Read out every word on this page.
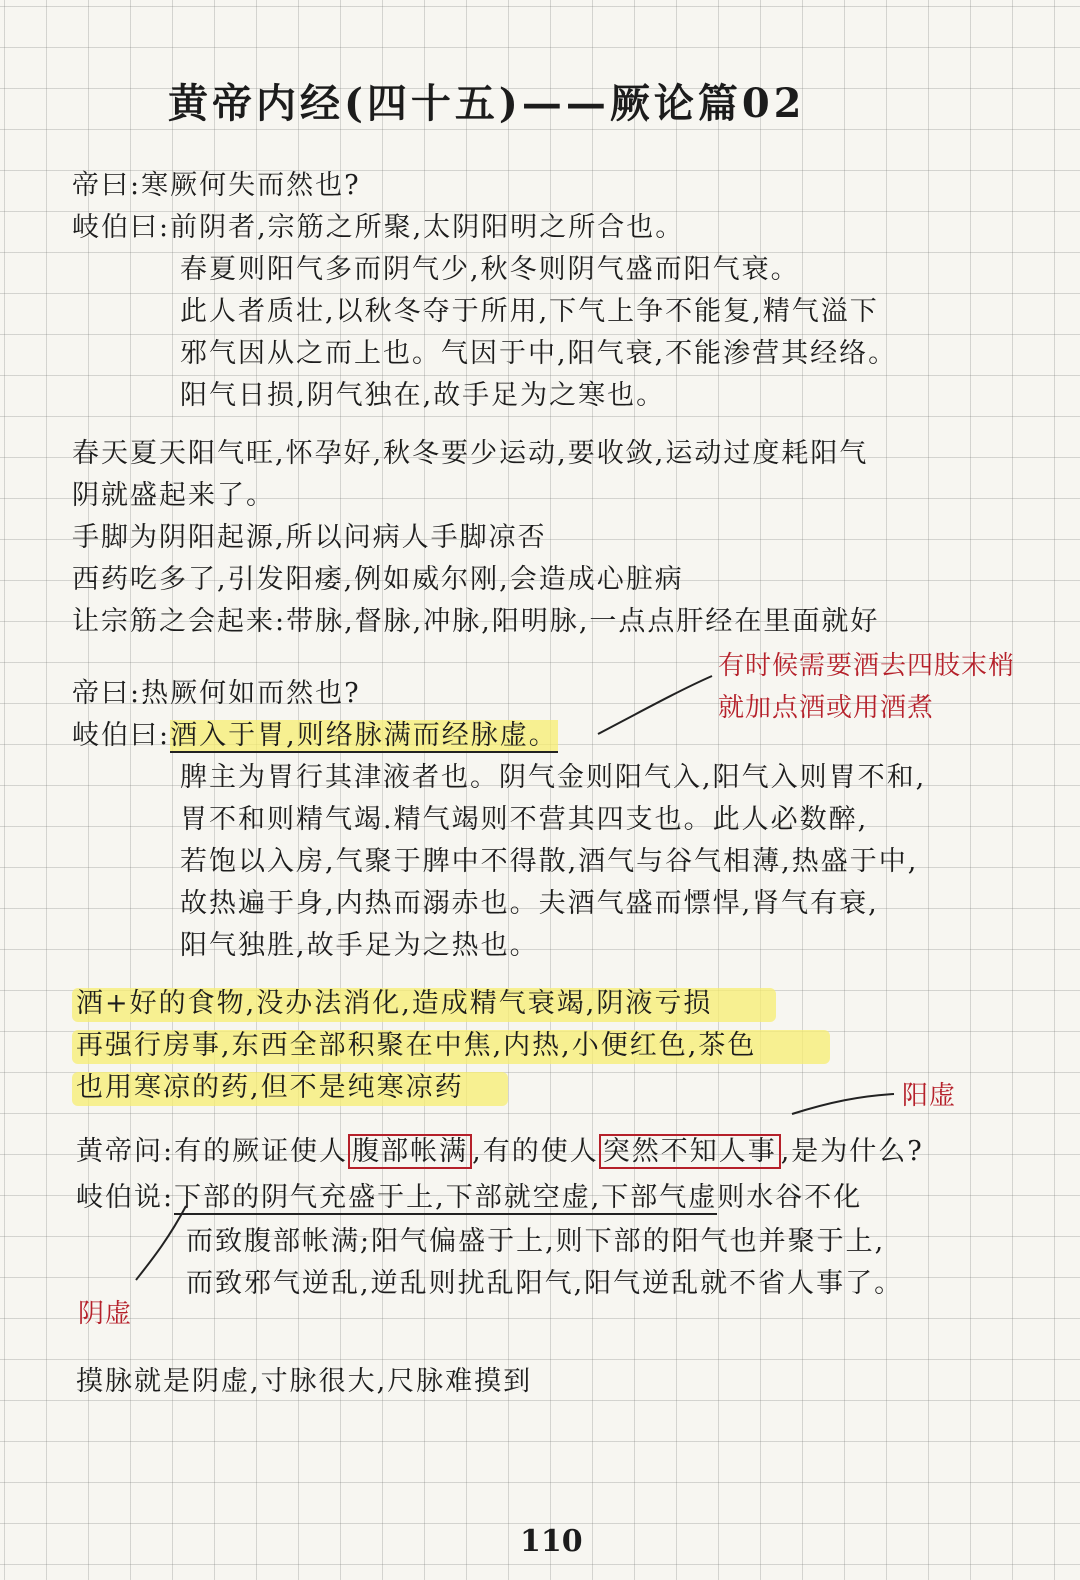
黄帝内经(四十五)——厥论篇02
帝曰:寒厥何失而然也?
岐伯曰:前阴者,宗筋之所聚,太阴阳明之所合也。
春夏则阳气多而阴气少,秋冬则阴气盛而阳气衰。
此人者质壮,以秋冬夺于所用,下气上争不能复,精气溢下
邪气因从之而上也。气因于中,阳气衰,不能渗营其经络。
阳气日损,阴气独在,故手足为之寒也。
春天夏天阳气旺,怀孕好,秋冬要少运动,要收敛,运动过度耗阳气
阴就盛起来了。
手脚为阴阳起源,所以问病人手脚凉否
西药吃多了,引发阳痿,例如威尔刚,会造成心脏病
让宗筋之会起来:带脉,督脉,冲脉,阳明脉,一点点肝经在里面就好
有时候需要酒去四肢末梢
就加点酒或用酒煮
帝曰:热厥何如而然也?
岐伯曰:酒入于胃,则络脉满而经脉虚。
脾主为胃行其津液者也。阴气金则阳气入,阳气入则胃不和,
胃不和则精气竭.精气竭则不营其四支也。此人必数醉,
若饱以入房,气聚于脾中不得散,酒气与谷气相薄,热盛于中,
故热遍于身,内热而溺赤也。夫酒气盛而慓悍,肾气有衰,
阳气独胜,故手足为之热也。
酒+好的食物,没办法消化,造成精气衰竭,阴液亏损
再强行房事,东西全部积聚在中焦,内热,小便红色,茶色
也用寒凉的药,但不是纯寒凉药	阳虚
黄帝问:有的厥证使人 腹部帐满 ,有的使人 突然不知人事 ,是为什么?
岐伯说:下部的阴气充盛于上,下部就空虚,下部气虚则水谷不化
而致腹部帐满;阳气偏盛于上,则下部的阳气也并聚于上,
而致邪气逆乱,逆乱则扰乱阳气,阳气逆乱就不省人事了。
阴虚
摸脉就是阴虚,寸脉很大,尺脉难摸到
110
